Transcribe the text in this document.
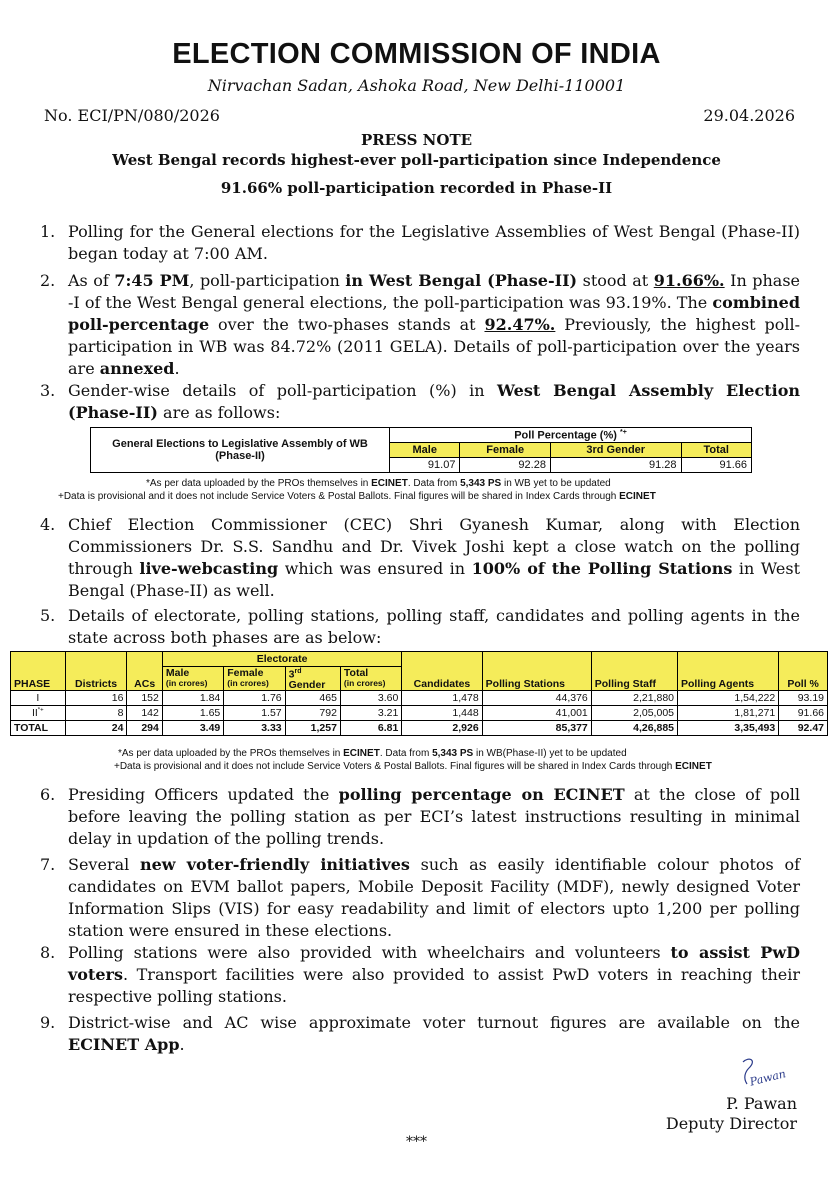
ELECTION COMMISSION OF INDIA
Nirvachan Sadan, Ashoka Road, New Delhi-110001
No. ECI/PN/080/2026	29.04.2026
PRESS NOTE
West Bengal records highest-ever poll-participation since Independence
91.66% poll-participation recorded in Phase-II
1. Polling for the General elections for the Legislative Assemblies of West Bengal (Phase-II) began today at 7:00 AM.
2. As of 7:45 PM, poll-participation in West Bengal (Phase-II) stood at 91.66%. In phase -I of the West Bengal general elections, the poll-participation was 93.19%. The combined poll-percentage over the two-phases stands at 92.47%. Previously, the highest poll-participation in WB was 84.72% (2011 GELA). Details of poll-participation over the years are annexed.
3. Gender-wise details of poll-participation (%) in West Bengal Assembly Election (Phase-II) are as follows:
General Elections to Legislative Assembly of WB (Phase-II)	Poll Percentage (%) *+
	Male	Female	3rd Gender	Total
	91.07	92.28	91.28	91.66
*As per data uploaded by the PROs themselves in ECINET. Data from 5,343 PS in WB yet to be updated
+Data is provisional and it does not include Service Voters & Postal Ballots. Final figures will be shared in Index Cards through ECINET
4. Chief Election Commissioner (CEC) Shri Gyanesh Kumar, along with Election Commissioners Dr. S.S. Sandhu and Dr. Vivek Joshi kept a close watch on the polling through live-webcasting which was ensured in 100% of the Polling Stations in West Bengal (Phase-II) as well.
5. Details of electorate, polling stations, polling staff, candidates and polling agents in the state across both phases are as below:
PHASE	Districts	ACs	Electorate				Candidates	Polling Stations	Polling Staff	Polling Agents	Poll %
			Male
(in crores)	Female
(in crores)	3rd
Gender	Total
(in crores)					
I	16	152	1.84	1.76	465	3.60	1,478	44,376	2,21,880	1,54,222	93.19
II*+	8	142	1.65	1.57	792	3.21	1,448	41,001	2,05,005	1,81,271	91.66
TOTAL	24	294	3.49	3.33	1,257	6.81	2,926	85,377	4,26,885	3,35,493	92.47
*As per data uploaded by the PROs themselves in ECINET. Data from 5,343 PS in WB(Phase-II) yet to be updated
+Data is provisional and it does not include Service Voters & Postal Ballots. Final figures will be shared in Index Cards through ECINET
6. Presiding Officers updated the polling percentage on ECINET at the close of poll before leaving the polling station as per ECI’s latest instructions resulting in minimal delay in updation of the polling trends.
7. Several new voter-friendly initiatives such as easily identifiable colour photos of candidates on EVM ballot papers, Mobile Deposit Facility (MDF), newly designed Voter Information Slips (VIS) for easy readability and limit of electors upto 1,200 per polling station were ensured in these elections.
8. Polling stations were also provided with wheelchairs and volunteers to assist PwD voters. Transport facilities were also provided to assist PwD voters in reaching their respective polling stations.
9. District-wise and AC wise approximate voter turnout figures are available on the ECINET App.
Pawan
P. Pawan
Deputy Director
***
